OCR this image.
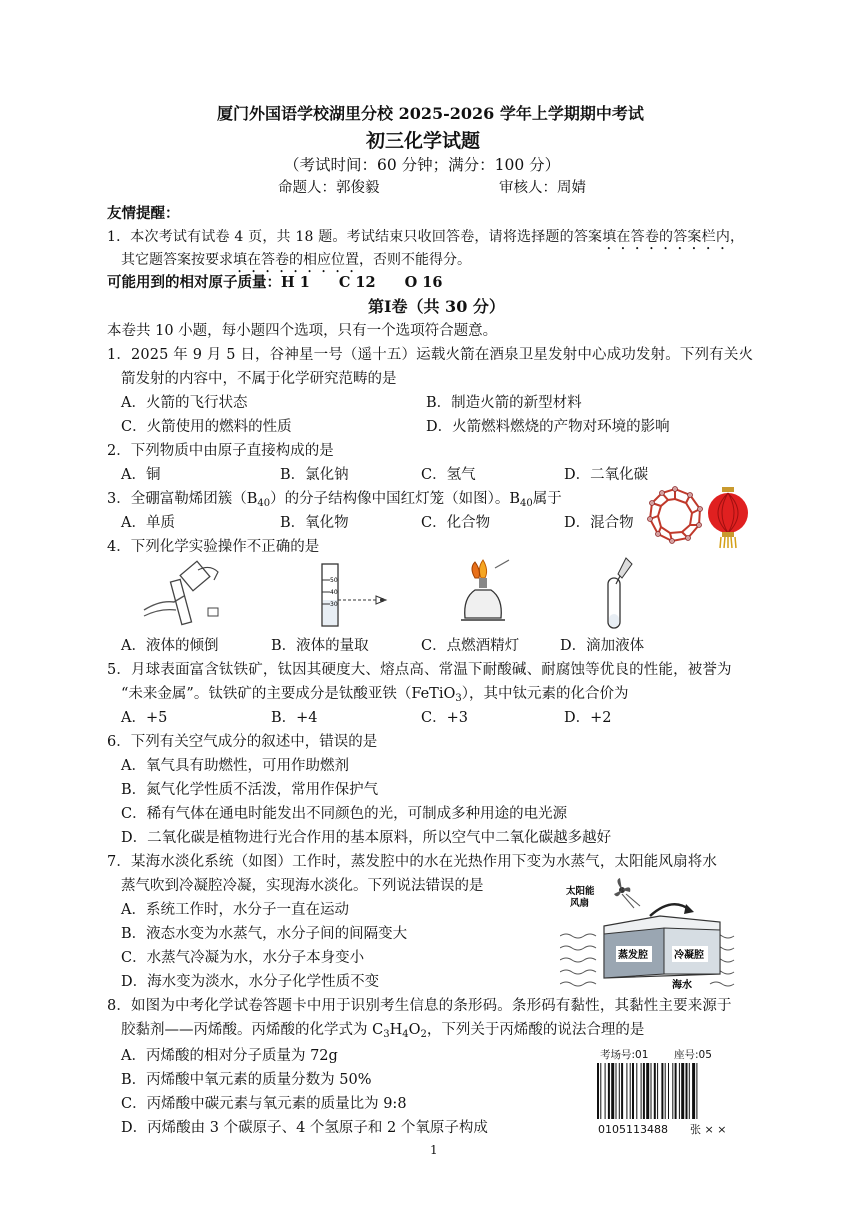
厦门外国语学校湖里分校 2025-2026 学年上学期期中考试
初三化学试题
（考试时间：60 分钟；满分：100 分）
命题人：郭俊毅	审核人：周婧
友情提醒：
1．本次考试有试卷 4 页，共 18 题。考试结束只收回答卷，请将选择题的答案填在答卷的答案栏内，
其它题答案按要求填在答卷的相应位置，否则不能得分。
可能用到的相对原子质量：H 1　　C 12　　O 16
第Ⅰ卷（共 30 分）
本卷共 10 小题，每小题四个选项，只有一个选项符合题意。
1．2025 年 9 月 5 日，谷神星一号（遥十五）运载火箭在酒泉卫星发射中心成功发射。下列有关火
箭发射的内容中，不属于化学研究范畴的是
A．火箭的飞行状态	B．制造火箭的新型材料
C．火箭使用的燃料的性质	D．火箭燃料燃烧的产物对环境的影响
2．下列物质中由原子直接构成的是
A．铜	B．氯化钠	C．氢气	D．二氧化碳
3．全硼富勒烯团簇$(B_{40})$的分子结构像中国红灯笼（如图）。$B_{40}$属于
A．单质	B．氧化物	C．化合物	D．混合物
4．下列化学实验操作不正确的是
50
40
30
A．液体的倾倒	B．液体的量取	C．点燃酒精灯	D．滴加液体
5．月球表面富含钛铁矿，钛因其硬度大、熔点高、常温下耐酸碱、耐腐蚀等优良的性能，被誉为
“未来金属”。钛铁矿的主要成分是钛酸亚铁（FeTiO$_3$），其中钛元素的化合价为
A．+5	B．+4	C．+3	D．+2
6．下列有关空气成分的叙述中，错误的是
A．氧气具有助燃性，可用作助燃剂
B．氮气化学性质不活泼，常用作保护气
C．稀有气体在通电时能发出不同颜色的光，可制成多种用途的电光源
D．二氧化碳是植物进行光合作用的基本原料，所以空气中二氧化碳越多越好
7．某海水淡化系统（如图）工作时，蒸发腔中的水在光热作用下变为水蒸气，太阳能风扇将水
蒸气吹到冷凝腔冷凝，实现海水淡化。下列说法错误的是
A．系统工作时，水分子一直在运动
B．液态水变为水蒸气，水分子间的间隔变大
C．水蒸气冷凝为水，水分子本身变小
D．海水变为淡水，水分子化学性质不变
太阳能
风扇
蒸发腔	冷凝腔
海水
8．如图为中考化学试卷答题卡中用于识别考生信息的条形码。条形码有黏性，其黏性主要来源于
胶黏剂——丙烯酸。丙烯酸的化学式为 $C_3H_4O_2$，下列关于丙烯酸的说法合理的是
A．丙烯酸的相对分子质量为 72g
B．丙烯酸中氧元素的质量分数为 50%
C．丙烯酸中碳元素与氧元素的质量比为 9:8
D．丙烯酸由 3 个碳原子、4 个氢原子和 2 个氧原子构成
考场号:01 座号:05
0105113488 张 × ×
1
